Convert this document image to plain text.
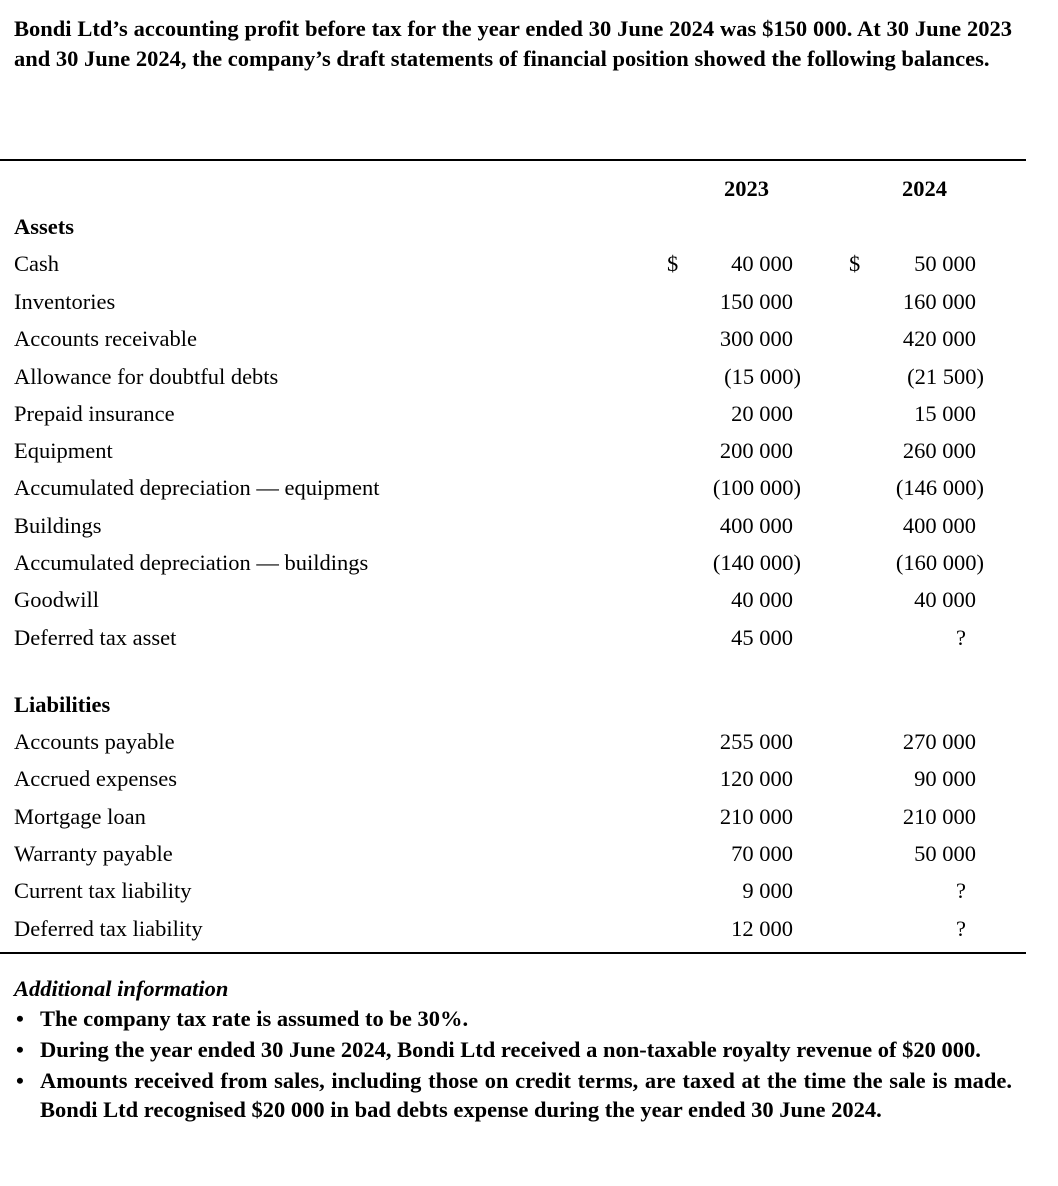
Bondi Ltd’s accounting profit before tax for the year ended 30 June 2024 was $150 000. At 30 June 2023 and 30 June 2024, the company’s draft statements of financial position showed the following balances.

2023	2024
Assets
Cash	$ 40 000 $ 50 000
Inventories	150 000	160 000
Accounts receivable	300 000	420 000
Allowance for doubtful debts	(15 000)	(21 500)
Prepaid insurance	20 000	15 000
Equipment	200 000	260 000
Accumulated depreciation — equipment	(100 000)	(146 000)
Buildings	400 000	400 000
Accumulated depreciation — buildings	(140 000)	(160 000)
Goodwill	40 000	40 000
Deferred tax asset	45 000	?
Liabilities
Accounts payable	255 000	270 000
Accrued expenses	120 000	90 000
Mortgage loan	210 000	210 000
Warranty payable	70 000	50 000
Current tax liability	9 000	?
Deferred tax liability	12 000	?
Additional information
• The company tax rate is assumed to be 30%.
• During the year ended 30 June 2024, Bondi Ltd received a non-taxable royalty revenue of $20 000.
• Amounts received from sales, including those on credit terms, are taxed at the time the sale is made. Bondi Ltd recognised $20 000 in bad debts expense during the year ended 30 June 2024.
